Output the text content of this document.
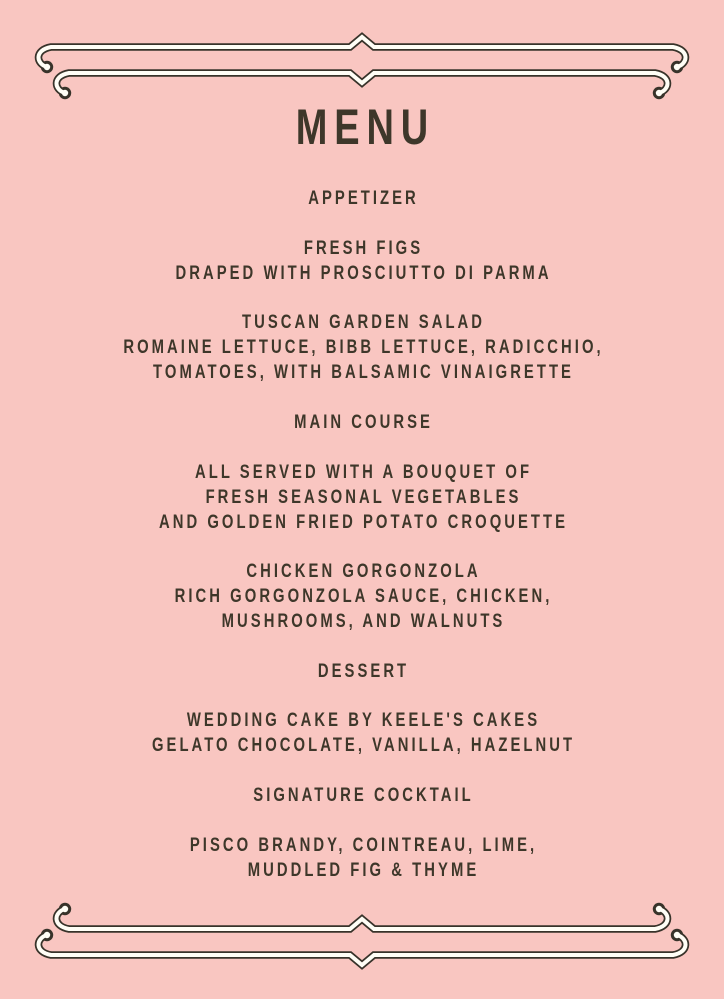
MENU
APPETIZER
FRESH FIGS
DRAPED WITH PROSCIUTTO DI PARMA
TUSCAN GARDEN SALAD
ROMAINE LETTUCE, BIBB LETTUCE, RADICCHIO,
TOMATOES, WITH BALSAMIC VINAIGRETTE
MAIN COURSE
ALL SERVED WITH A BOUQUET OF
FRESH SEASONAL VEGETABLES
AND GOLDEN FRIED POTATO CROQUETTE
CHICKEN GORGONZOLA
RICH GORGONZOLA SAUCE, CHICKEN,
MUSHROOMS, AND WALNUTS
DESSERT
WEDDING CAKE BY KEELE'S CAKES
GELATO CHOCOLATE, VANILLA, HAZELNUT
SIGNATURE COCKTAIL
PISCO BRANDY, COINTREAU, LIME,
MUDDLED FIG & THYME
